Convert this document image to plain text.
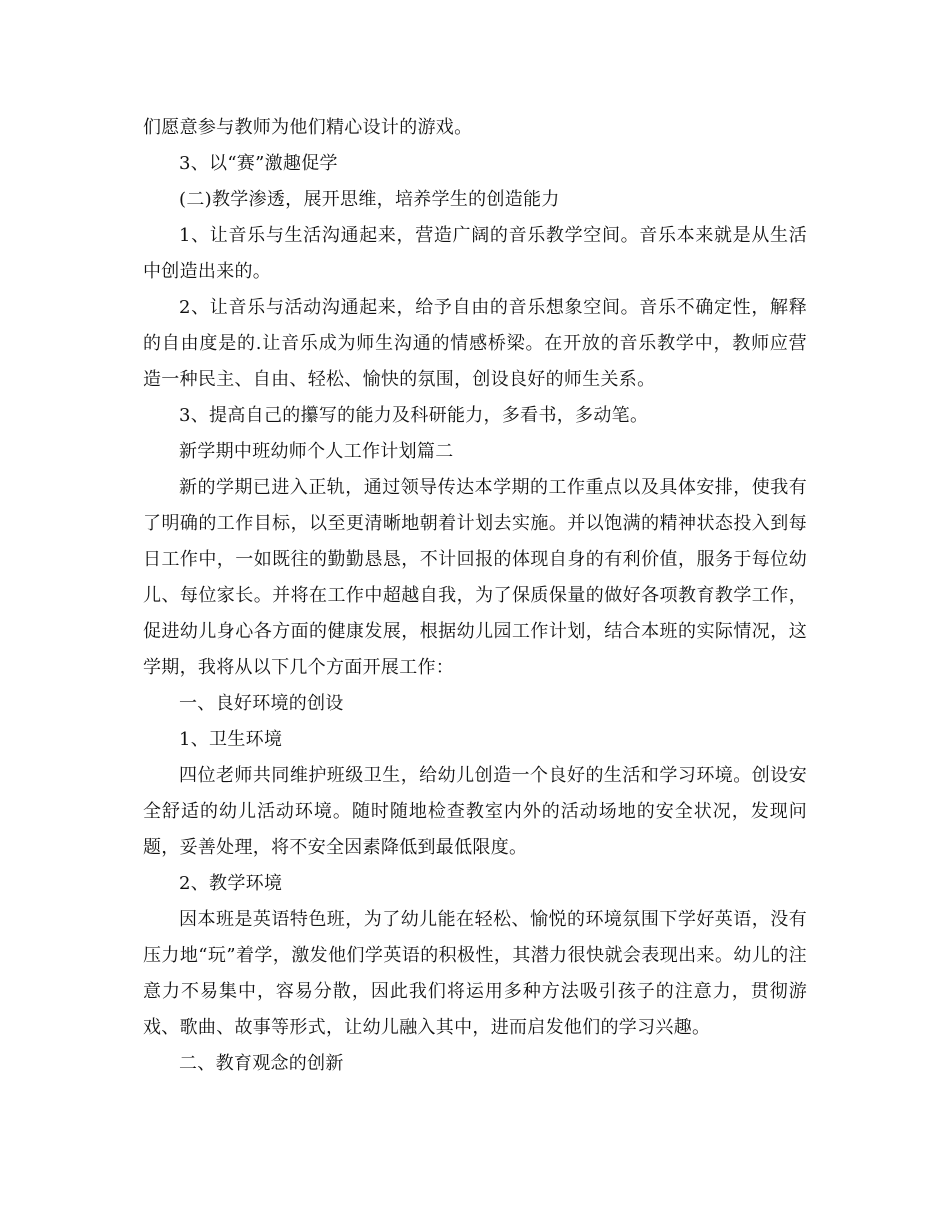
们愿意参与教师为他们精心设计的游戏。

3、以“赛”激趣促学

(二)教学渗透，展开思维，培养学生的创造能力

1、让音乐与生活沟通起来，营造广阔的音乐教学空间。音乐本来就是从生活中创造出来的。

2、让音乐与活动沟通起来，给予自由的音乐想象空间。音乐不确定性，解释的自由度是的.让音乐成为师生沟通的情感桥梁。在开放的音乐教学中，教师应营造一种民主、自由、轻松、愉快的氛围，创设良好的师生关系。

3、提高自己的攥写的能力及科研能力，多看书，多动笔。

新学期中班幼师个人工作计划篇二

新的学期已进入正轨，通过领导传达本学期的工作重点以及具体安排，使我有了明确的工作目标，以至更清晰地朝着计划去实施。并以饱满的精神状态投入到每日工作中，一如既往的勤勤恳恳，不计回报的体现自身的有利价值，服务于每位幼儿、每位家长。并将在工作中超越自我，为了保质保量的做好各项教育教学工作，促进幼儿身心各方面的健康发展，根据幼儿园工作计划，结合本班的实际情况，这学期，我将从以下几个方面开展工作：

一、良好环境的创设

1、卫生环境

四位老师共同维护班级卫生，给幼儿创造一个良好的生活和学习环境。创设安全舒适的幼儿活动环境。随时随地检查教室内外的活动场地的安全状况，发现问题，妥善处理，将不安全因素降低到最低限度。

2、教学环境

因本班是英语特色班，为了幼儿能在轻松、愉悦的环境氛围下学好英语，没有压力地“玩”着学，激发他们学英语的积极性，其潜力很快就会表现出来。幼儿的注意力不易集中，容易分散，因此我们将运用多种方法吸引孩子的注意力，贯彻游戏、歌曲、故事等形式，让幼儿融入其中，进而启发他们的学习兴趣。

二、教育观念的创新
